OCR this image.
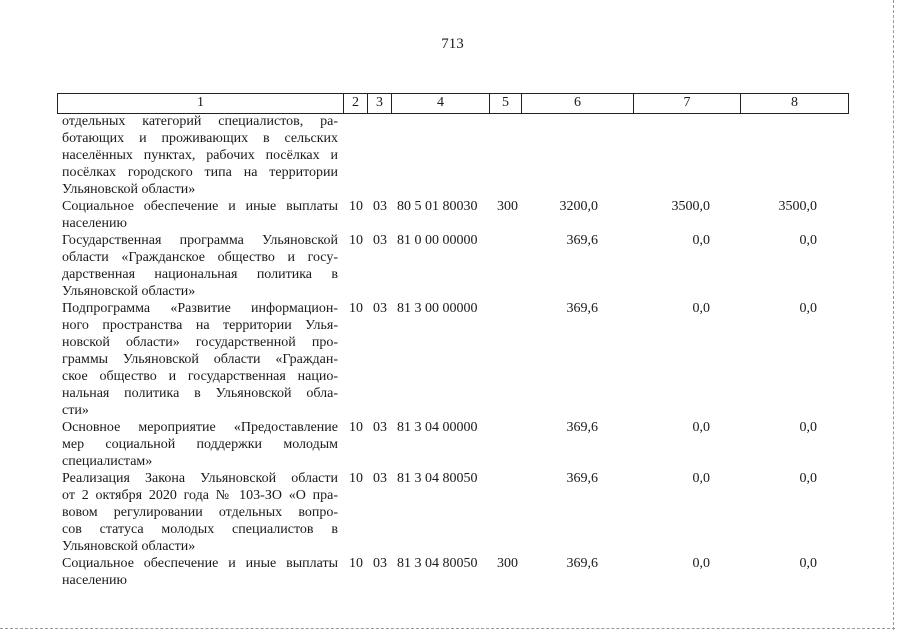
713
1	2	3	4	5	6	7	8
отдельных категорий специалистов, ра-
ботающих и проживающих в сельских
населённых пунктах, рабочих посёлках и
посёлках городского типа на территории
Ульяновской области»
Социальное обеспечение и иные выплаты
населению
10 03 80 5 01 80030 300	3200,0	3500,0	3500,0
Государственная программа Ульяновской
области «Гражданское общество и госу-
дарственная национальная политика в
Ульяновской области»
10 03 81 0 00 00000	369,6	0,0	0,0
Подпрограмма «Развитие информацион-
ного пространства на территории Улья-
новской области» государственной про-
граммы Ульяновской области «Граждан-
ское общество и государственная нацио-
нальная политика в Ульяновской обла-
сти»
10 03 81 3 00 00000	369,6	0,0	0,0
Основное мероприятие «Предоставление
мер социальной поддержки молодым
специалистам»
10 03 81 3 04 00000	369,6	0,0	0,0
Реализация Закона Ульяновской области
от 2 октября 2020 года № 103-ЗО «О пра-
вовом регулировании отдельных вопро-
сов статуса молодых специалистов в
Ульяновской области»
10 03 81 3 04 80050	369,6	0,0	0,0
Социальное обеспечение и иные выплаты
населению
10 03 81 3 04 80050 300	369,6	0,0	0,0
